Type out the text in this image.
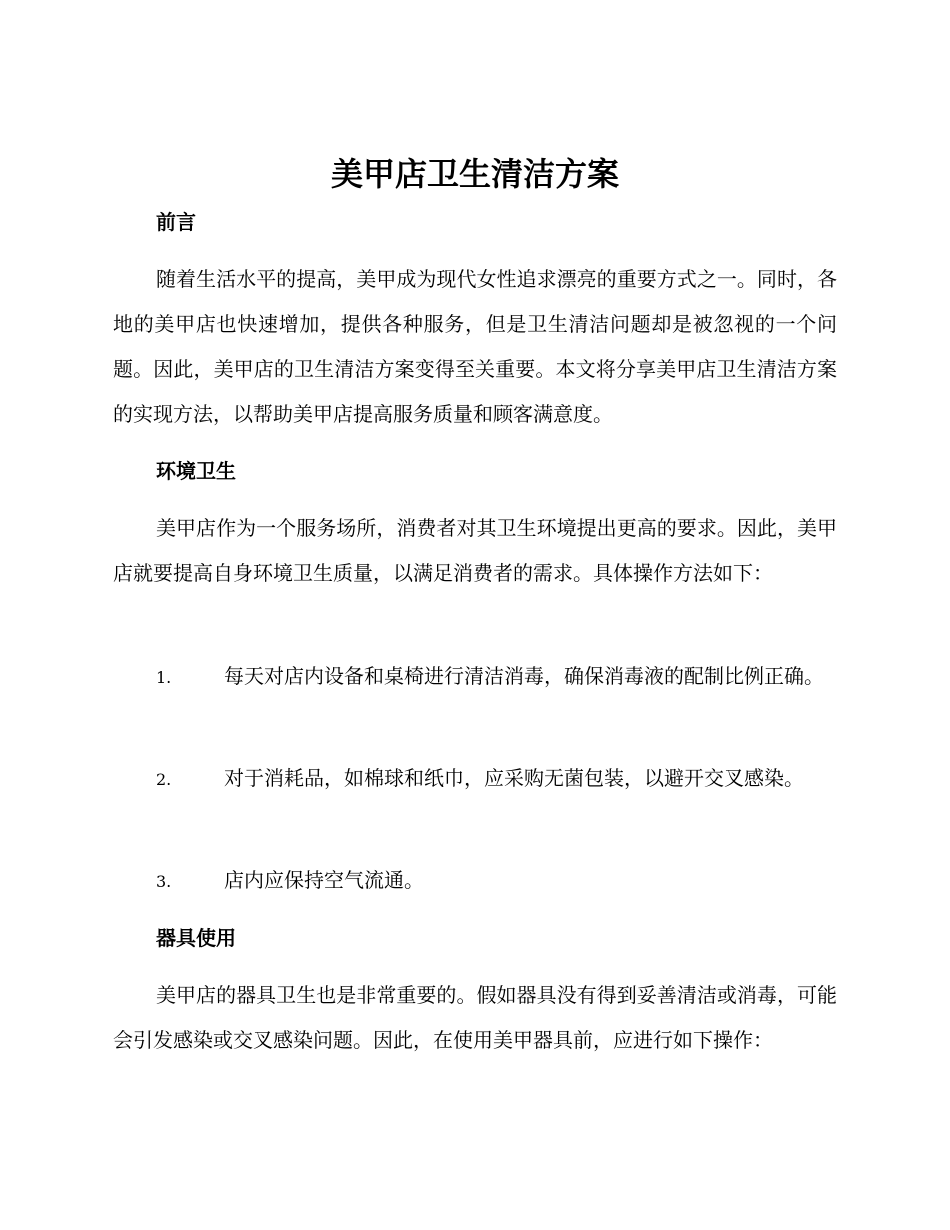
美甲店卫生清洁方案
前言

随着生活水平的提高，美甲成为现代女性追求漂亮的重要方式之一。同时，各地的美甲店也快速增加，提供各种服务，但是卫生清洁问题却是被忽视的一个问题。因此，美甲店的卫生清洁方案变得至关重要。本文将分享美甲店卫生清洁方案的实现方法，以帮助美甲店提高服务质量和顾客满意度。

环境卫生

美甲店作为一个服务场所，消费者对其卫生环境提出更高的要求。因此，美甲店就要提高自身环境卫生质量，以满足消费者的需求。具体操作方法如下：

1.	每天对店内设备和桌椅进行清洁消毒，确保消毒液的配制比例正确。

2.	对于消耗品，如棉球和纸巾，应采购无菌包装，以避开交叉感染。

3.	店内应保持空气流通。

器具使用

美甲店的器具卫生也是非常重要的。假如器具没有得到妥善清洁或消毒，可能会引发感染或交叉感染问题。因此，在使用美甲器具前，应进行如下操作：
